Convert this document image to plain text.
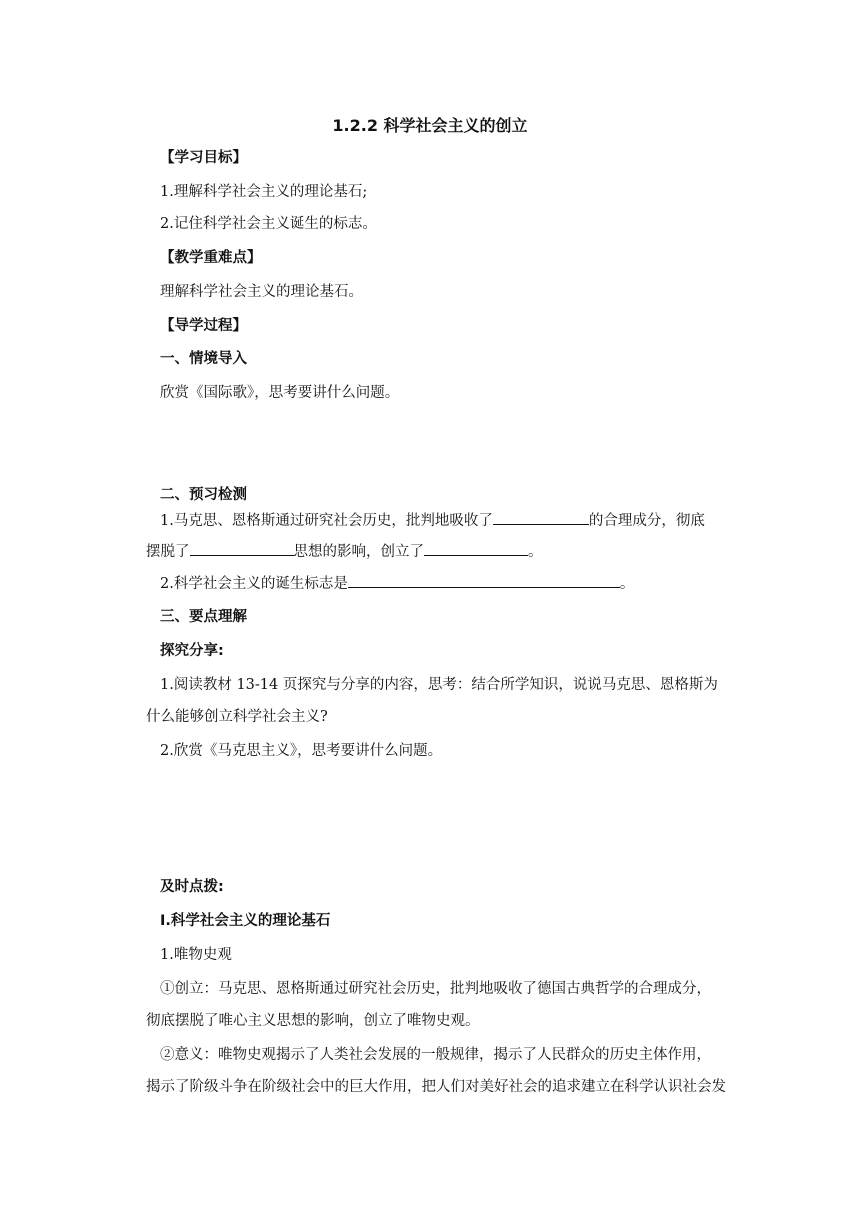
1.2.2 科学社会主义的创立
【学习目标】
1.理解科学社会主义的理论基石;
2.记住科学社会主义诞生的标志。
【教学重难点】
理解科学社会主义的理论基石。
【导学过程】
一、情境导入
欣赏《国际歌》，思考要讲什么问题。
二、预习检测
1.马克思、恩格斯通过研究社会历史，批判地吸收了	的合理成分，彻底
摆脱了	思想的影响，创立了	。
2.科学社会主义的诞生标志是	。
三、要点理解
探究分享:
1.阅读教材 13-14 页探究与分享的内容，思考：结合所学知识，说说马克思、恩格斯为
什么能够创立科学社会主义?
2.欣赏《马克思主义》，思考要讲什么问题。
及时点拨:
Ⅰ.科学社会主义的理论基石
1.唯物史观
①创立：马克思、恩格斯通过研究社会历史，批判地吸收了德国古典哲学的合理成分，
彻底摆脱了唯心主义思想的影响，创立了唯物史观。
②意义：唯物史观揭示了人类社会发展的一般规律，揭示了人民群众的历史主体作用，
揭示了阶级斗争在阶级社会中的巨大作用，把人们对美好社会的追求建立在科学认识社会发
